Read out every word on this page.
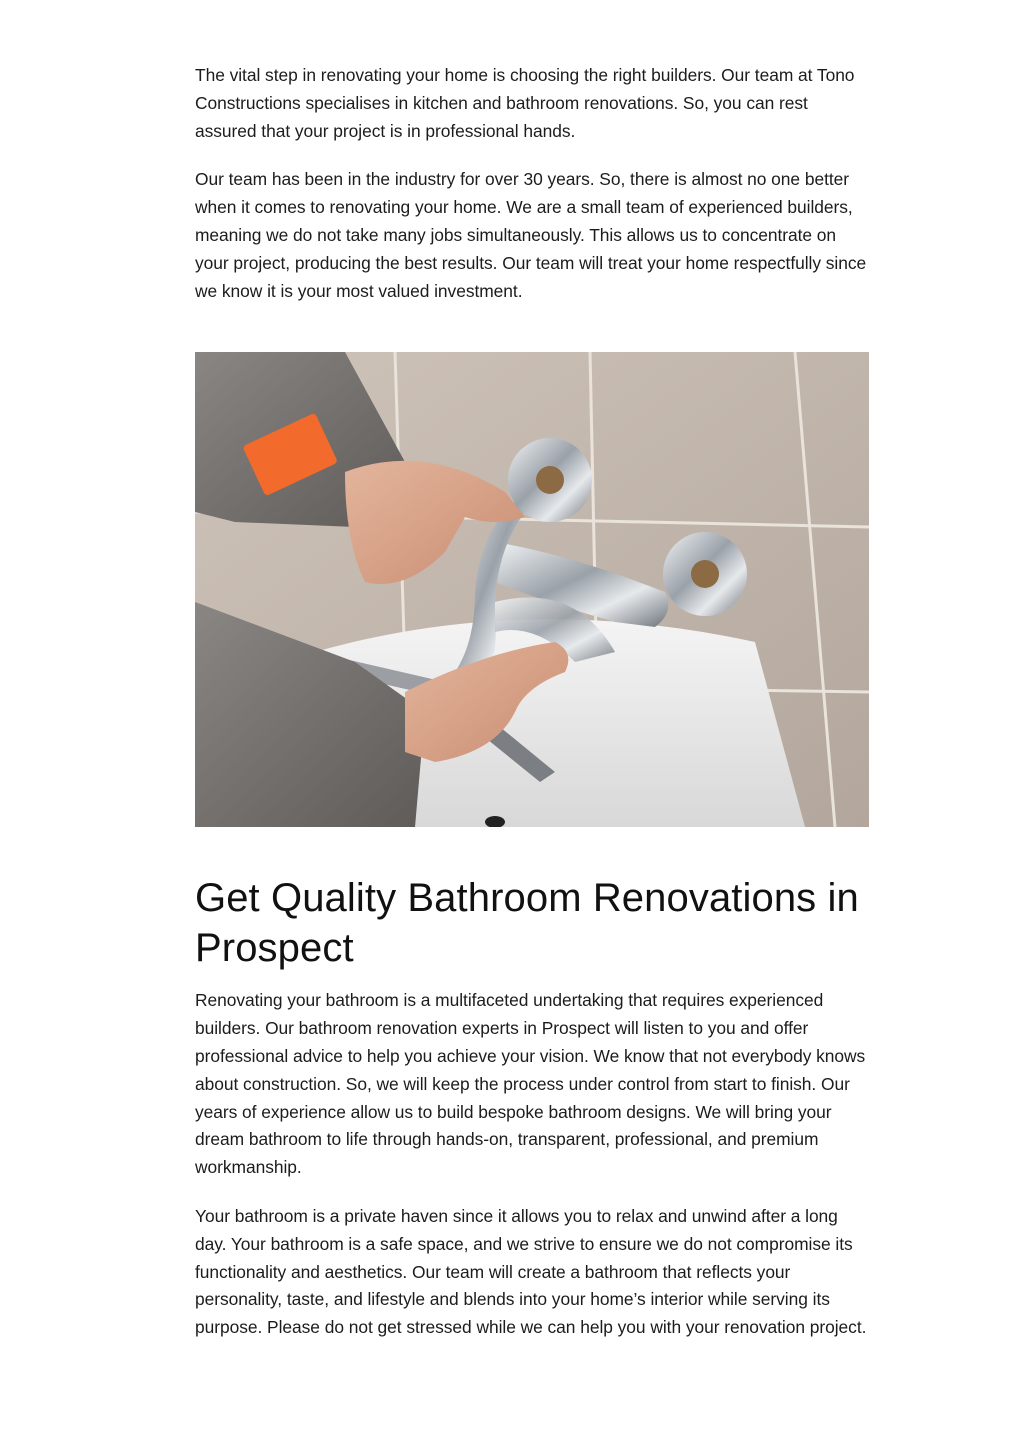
The vital step in renovating your home is choosing the right builders. Our team at Tono Constructions specialises in kitchen and bathroom renovations. So, you can rest assured that your project is in professional hands.

Our team has been in the industry for over 30 years. So, there is almost no one better when it comes to renovating your home. We are a small team of experienced builders, meaning we do not take many jobs simultaneously. This allows us to concentrate on your project, producing the best results. Our team will treat your home respectfully since we know it is your most valued investment.

Get Quality Bathroom Renovations in Prospect

Renovating your bathroom is a multifaceted undertaking that requires experienced builders. Our bathroom renovation experts in Prospect will listen to you and offer professional advice to help you achieve your vision. We know that not everybody knows about construction. So, we will keep the process under control from start to finish. Our years of experience allow us to build bespoke bathroom designs. We will bring your dream bathroom to life through hands-on, transparent, professional, and premium workmanship.

Your bathroom is a private haven since it allows you to relax and unwind after a long day. Your bathroom is a safe space, and we strive to ensure we do not compromise its functionality and aesthetics. Our team will create a bathroom that reflects your personality, taste, and lifestyle and blends into your home’s interior while serving its purpose. Please do not get stressed while we can help you with your renovation project.
